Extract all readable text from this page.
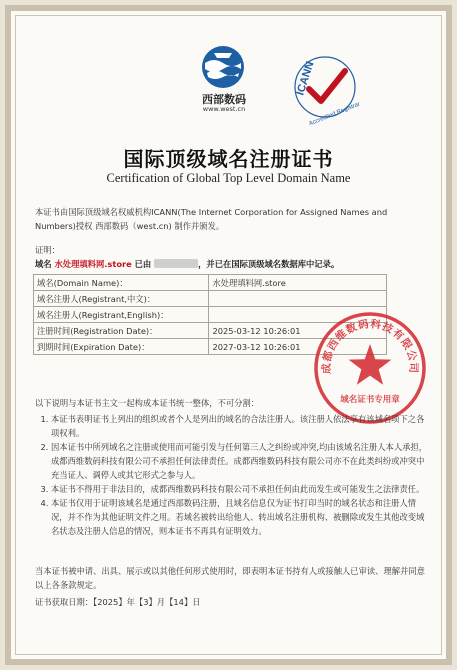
西部数码
www.west.cn
ICANN
Accredited Registrar
国际顶级域名注册证书
Certification of Global Top Level Domain Name
本证书由国际顶级域名权威机构ICANN(The Internet Corporation for Assigned Names and Numbers)授权 西部数码（west.cn) 制作并颁发。
证明：
域名 水处理填料网.store 已由	，并已在国际顶级域名数据库中记录。
域名(Domain Name)：	水处理填料网.store
域名注册人(Registrant,中文)：	
域名注册人(Registrant,English)：	
注册时间(Registration Date)：	2025-03-12 10:26:01
到期时间(Expiration Date)：	2027-03-12 10:26:01
成都西维数码科技有限公司
域名证书专用章

以下说明与本证书主文一起构成本证书统一整体，不可分割：

1. 本证书表明证书上列出的组织或者个人是列出的域名的合法注册人。该注册人依法享有该域名项下之各项权利。
2. 因本证书中所列域名之注册或使用而可能引发与任何第三人之纠纷或冲突,均由该域名注册人本人承担，成都西维数码科技有限公司不承担任何法律责任。成都西维数码科技有限公司亦不在此类纠纷或冲突中充当证人、调停人或其它形式之参与人。
3. 本证书不得用于非法目的，成都西维数码科技有限公司不承担任何由此而发生或可能发生之法律责任。
4. 本证书仅用于证明该域名是通过西部数码注册，且域名信息仅为证书打印当时的域名状态和注册人情况，并不作为其他证明文件之用。若域名被转出给他人、转出域名注册机构、被删除或发生其他改变域名状态及注册人信息的情况，则本证书不再具有证明效力。
当本证书被申请、出具、展示或以其他任何形式使用时，即表明本证书持有人或接触人已审读、理解并同意以上各条款规定。
证书获取日期：【2025】年【3】月【14】日
